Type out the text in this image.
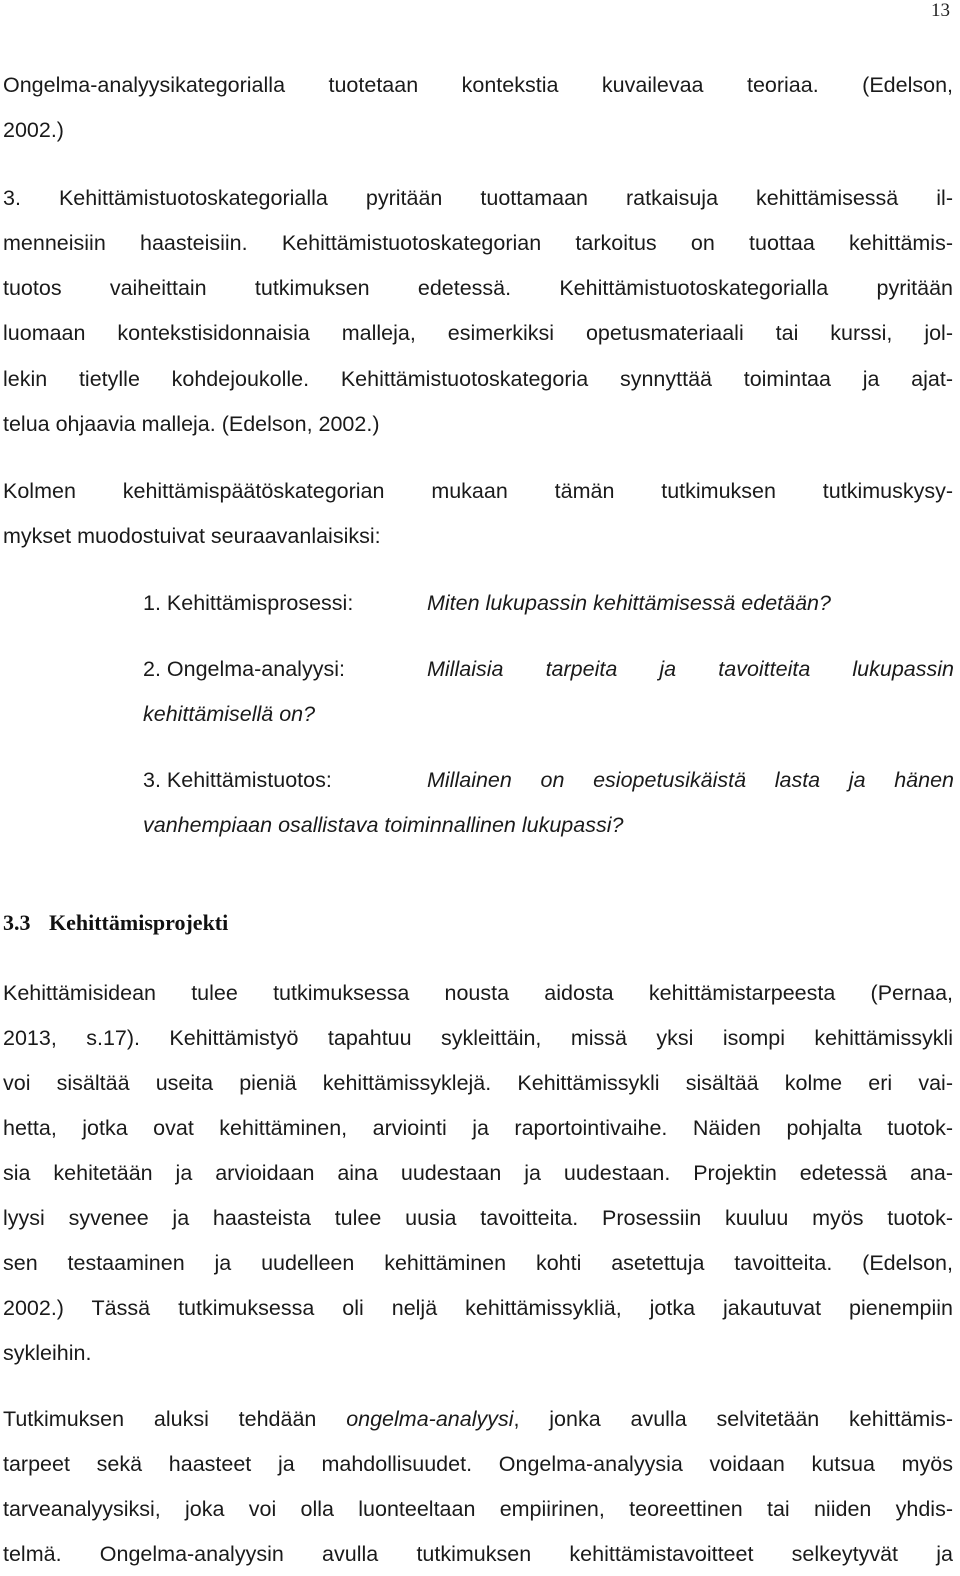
13
Ongelma-analyysikategorialla tuotetaan kontekstia kuvailevaa teoriaa. (Edelson,
2002.)
3. Kehittämistuotoskategorialla pyritään tuottamaan ratkaisuja kehittämisessä il-
menneisiin haasteisiin. Kehittämistuotoskategorian tarkoitus on tuottaa kehittämis-
tuotos vaiheittain tutkimuksen edetessä. Kehittämistuotoskategorialla pyritään
luomaan kontekstisidonnaisia malleja, esimerkiksi opetusmateriaali tai kurssi, jol-
lekin tietylle kohdejoukolle. Kehittämistuotoskategoria synnyttää toimintaa ja ajat-
telua ohjaavia malleja. (Edelson, 2002.)
Kolmen kehittämispäätöskategorian mukaan tämän tutkimuksen tutkimuskysy-
mykset muodostuivat seuraavanlaisiksi:
1. Kehittämisprosessi:	Miten lukupassin kehittämisessä edetään?
2. Ongelma-analyysi:	Millaisia tarpeita ja tavoitteita lukupassin
kehittämisellä on?
3. Kehittämistuotos:	Millainen on esiopetusikäistä lasta ja hänen
vanhempiaan osallistava toiminnallinen lukupassi?
3.3 Kehittämisprojekti
Kehittämisidean tulee tutkimuksessa nousta aidosta kehittämistarpeesta (Pernaa,
2013, s.17). Kehittämistyö tapahtuu sykleittäin, missä yksi isompi kehittämissykli
voi sisältää useita pieniä kehittämissyklejä. Kehittämissykli sisältää kolme eri vai-
hetta, jotka ovat kehittäminen, arviointi ja raportointivaihe. Näiden pohjalta tuotok-
sia kehitetään ja arvioidaan aina uudestaan ja uudestaan. Projektin edetessä ana-
lyysi syvenee ja haasteista tulee uusia tavoitteita. Prosessiin kuuluu myös tuotok-
sen testaaminen ja uudelleen kehittäminen kohti asetettuja tavoitteita. (Edelson,
2002.) Tässä tutkimuksessa oli neljä kehittämissykliä, jotka jakautuvat pienempiin
sykleihin.
Tutkimuksen aluksi tehdään ongelma-analyysi, jonka avulla selvitetään kehittämis-
tarpeet sekä haasteet ja mahdollisuudet. Ongelma-analyysia voidaan kutsua myös
tarveanalyysiksi, joka voi olla luonteeltaan empiirinen, teoreettinen tai niiden yhdis-
telmä. Ongelma-analyysin avulla tutkimuksen kehittämistavoitteet selkeytyvät ja
